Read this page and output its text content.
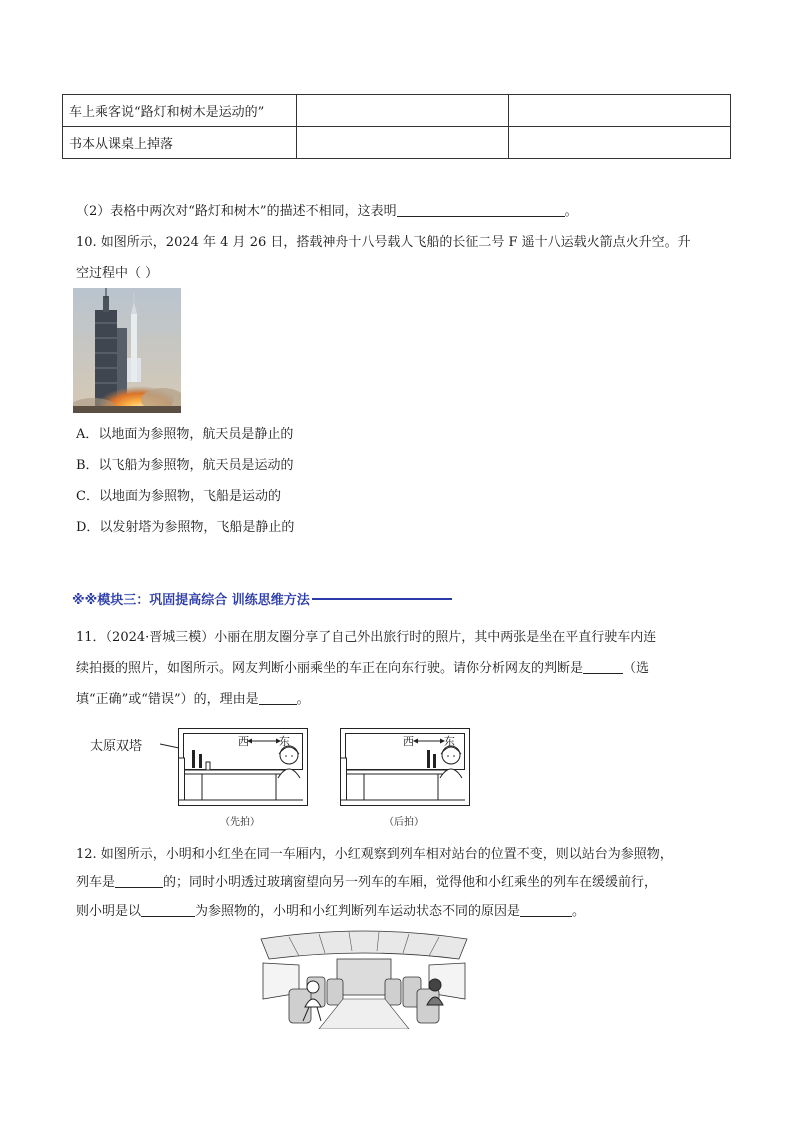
车上乘客说“路灯和树木是运动的”		
书本从课桌上掉落		
（2）表格中两次对“路灯和树木”的描述不相同，这表明	。
10. 如图所示，2024 年 4 月 26 日，搭载神舟十八号载人飞船的长征二号 F 遥十八运载火箭点火升空。升
空过程中（ ）
A．以地面为参照物，航天员是静止的
B．以飞船为参照物，航天员是运动的
C．以地面为参照物，飞船是运动的
D．以发射塔为参照物，飞船是静止的
※※模块三：巩固提高综合 训练思维方法
11．（2024·晋城三模）小丽在朋友圈分享了自己外出旅行时的照片，其中两张是坐在平直行驶车内连
续拍摄的照片，如图所示。网友判断小丽乘坐的车正在向东行驶。请你分析网友的判断是	（选
填“正确”或“错误”）的，理由是	。
太原双塔	西	东	西	东
（先拍）	（后拍）
12. 如图所示，小明和小红坐在同一车厢内，小红观察到列车相对站台的位置不变，则以站台为参照物，
列车是	的；同时小明透过玻璃窗望向另一列车的车厢，觉得他和小红乘坐的列车在缓缓前行，
则小明是以	为参照物的，小明和小红判断列车运动状态不同的原因是	。
